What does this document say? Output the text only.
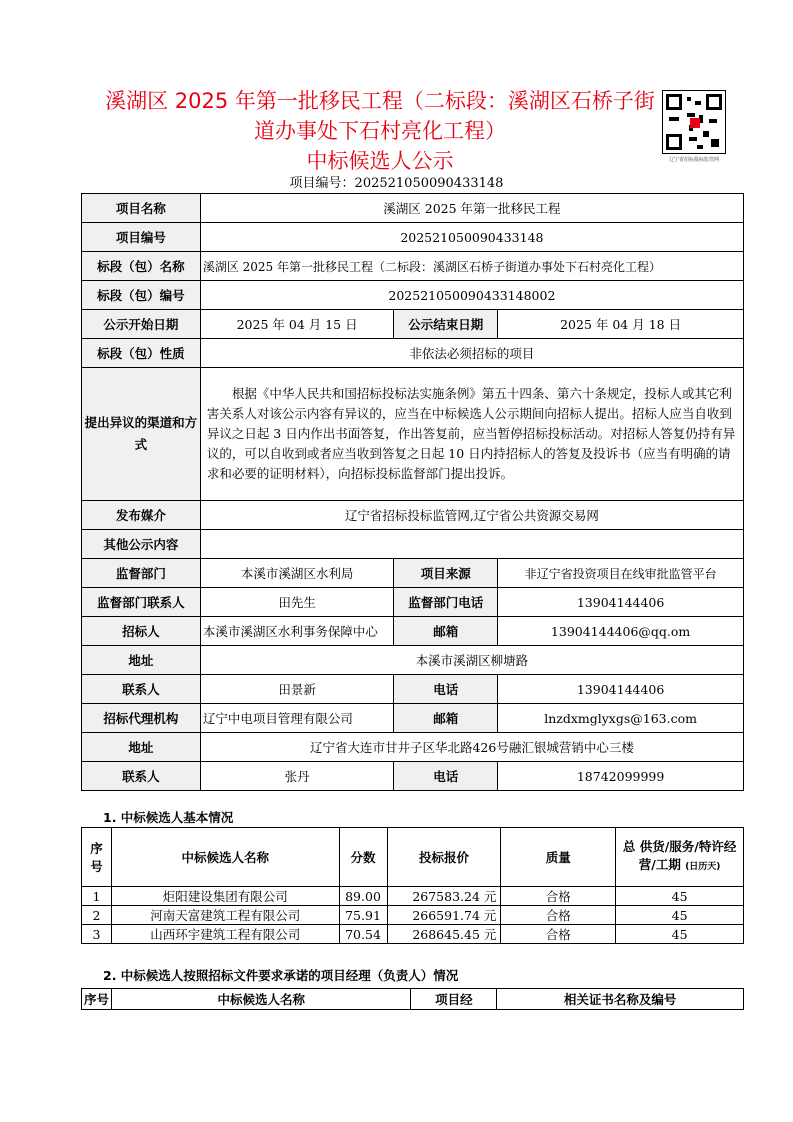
溪湖区 2025 年第一批移民工程（二标段：溪湖区石桥子街
道办事处下石村亮化工程）
中标候选人公示
项目编号：20252105009043314​8
辽宁省招标投标监管网
项目名称	溪湖区 2025 年第一批移民工程		
项目编号	20252105009043314​8		
标段（包）名称	溪湖区 2025 年第一批移民工程（二标段：溪湖区石桥子街道办事处下石村亮化工程）		
标段（包）编号	20252105009043314​8002		
公示开始日期	2025 年 04 月 15 日	公示结束日期	2025 年 04 月 18 日
标段（包）性质	非依法必须招标的项目		
提出异议的渠道和方式	根据《中华人民共和国招标投标法实施条例》第五十四条、第六十条规定，投标人或其它利害关系人对该公示内容有异议的，应当在中标候选人公示期间向招标人提出。招标人应当自收到异议之日起 3 日内作出书面答复，作出答复前，应当暂停招标投标活动。对招标人答复仍持有异议的，可以自收到或者应当收到答复之日起 10 日内持招标人的答复及投诉书（应当有明确的请求和必要的证明材料），向招标投标监督部门提出投诉。		
发布媒介	辽宁省招标投标监管网,辽宁省公共资源交易网		
其他公示内容			
监督部门	本溪市溪湖区水利局	项目来源	非辽宁省投资项目在线审批监管平台
监督部门联系人	田先生	监督部门电话	13904144406
招标人	本溪市溪湖区水利事务保障中心	邮箱	13904144406@qq.om
地址	本溪市溪湖区柳塘路		
联系人	田景新	电话	13904144406
招标代理机构	辽宁中电项目管理有限公司	邮箱	lnzdxmglyxgs@163.com
地址	辽宁省大连市甘井子区华北路426号融汇银城营销中心三楼		
联系人	张丹	电话	18742099999
1. 中标候选人基本情况
序号	中标候选人名称	分数	投标报价	质量	总 供货/服务/特许经营/工期 (日历天)
1	炬阳建设集团有限公司	89.00	267583.24 元	合格	45
2	河南天富建筑工程有限公司	75.91	266591.74 元	合格	45
3	山西环宇建筑工程有限公司	70.54	268645.45 元	合格	45
2. 中标候选人按照招标文件要求承诺的项目经理（负责人）情况
序号	中标候选人名称	项目经	相关证书名称及编号
